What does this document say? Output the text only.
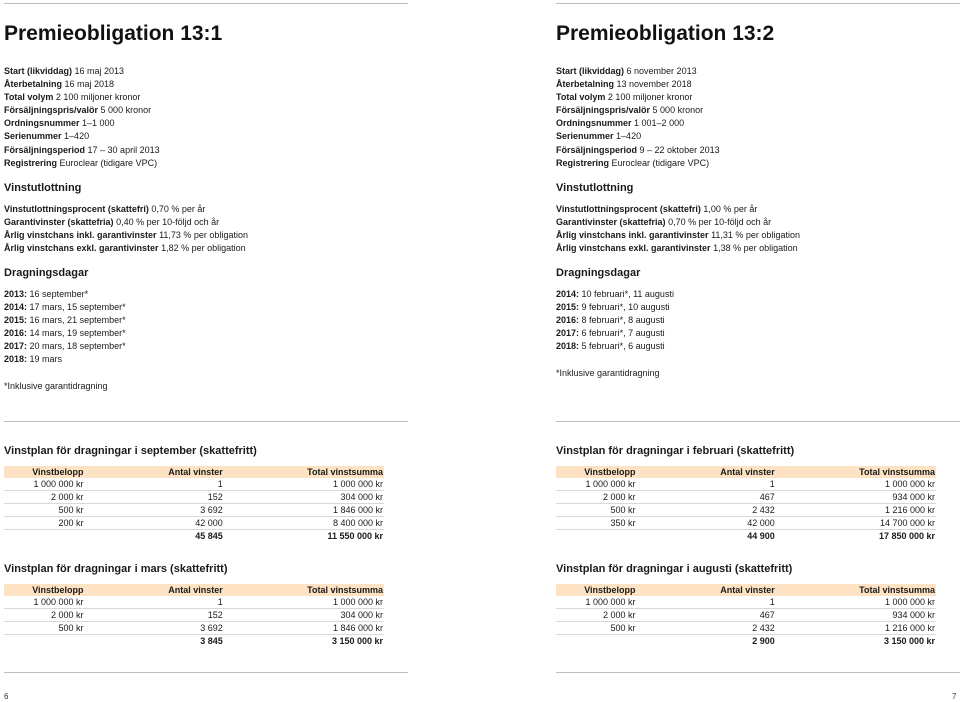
Premieobligation 13:1
Start (likviddag) 16 maj 2013
Återbetalning 16 maj 2018
Total volym 2 100 miljoner kronor
Försäljningspris/valör 5 000 kronor
Ordningsnummer 1–1 000
Serienummer 1–420
Försäljningsperiod 17 – 30 april 2013
Registrering Euroclear (tidigare VPC)
Vinstutlottning
Vinstutlottningsprocent (skattefri) 0,70 % per år
Garantivinster (skattefria) 0,40 % per 10-följd och år
Årlig vinstchans inkl. garantivinster 11,73 % per obligation
Årlig vinstchans exkl. garantivinster 1,82 % per obligation
Dragningsdagar
2013: 16 september*
2014: 17 mars, 15 september*
2015: 16 mars, 21 september*
2016: 14 mars, 19 september*
2017: 20 mars, 18 september*
2018: 19 mars
*Inklusive garantidragning
Vinstplan för dragningar i september (skattefritt)
Vinstbelopp	Antal vinster	Total vinstsumma
1 000 000 kr	1	1 000 000 kr
2 000 kr	152	304 000 kr
500 kr	3 692	1 846 000 kr
200 kr	42 000	8 400 000 kr
	45 845	11 550 000 kr
Vinstplan för dragningar i mars (skattefritt)
Vinstbelopp	Antal vinster	Total vinstsumma
1 000 000 kr	1	1 000 000 kr
2 000 kr	152	304 000 kr
500 kr	3 692	1 846 000 kr
	3 845	3 150 000 kr
Premieobligation 13:2
Start (likviddag) 6 november 2013
Återbetalning 13 november 2018
Total volym 2 100 miljoner kronor
Försäljningspris/valör 5 000 kronor
Ordningsnummer 1 001–2 000
Serienummer 1–420
Försäljningsperiod 9 – 22 oktober 2013
Registrering Euroclear (tidigare VPC)
Vinstutlottning
Vinstutlottningsprocent (skattefri) 1,00 % per år
Garantivinster (skattefria) 0,70 % per 10-följd och år
Årlig vinstchans inkl. garantivinster 11,31 % per obligation
Årlig vinstchans exkl. garantivinster 1,38 % per obligation
Dragningsdagar
2014: 10 februari*, 11 augusti
2015: 9 februari*, 10 augusti
2016: 8 februari*, 8 augusti
2017: 6 februari*, 7 augusti
2018: 5 februari*, 6 augusti
*Inklusive garantidragning
Vinstplan för dragningar i februari (skattefritt)
Vinstbelopp	Antal vinster	Total vinstsumma
1 000 000 kr	1	1 000 000 kr
2 000 kr	467	934 000 kr
500 kr	2 432	1 216 000 kr
350 kr	42 000	14 700 000 kr
	44 900	17 850 000 kr
Vinstplan för dragningar i augusti (skattefritt)
Vinstbelopp	Antal vinster	Total vinstsumma
1 000 000 kr	1	1 000 000 kr
2 000 kr	467	934 000 kr
500 kr	2 432	1 216 000 kr
	2 900	3 150 000 kr
6	7
